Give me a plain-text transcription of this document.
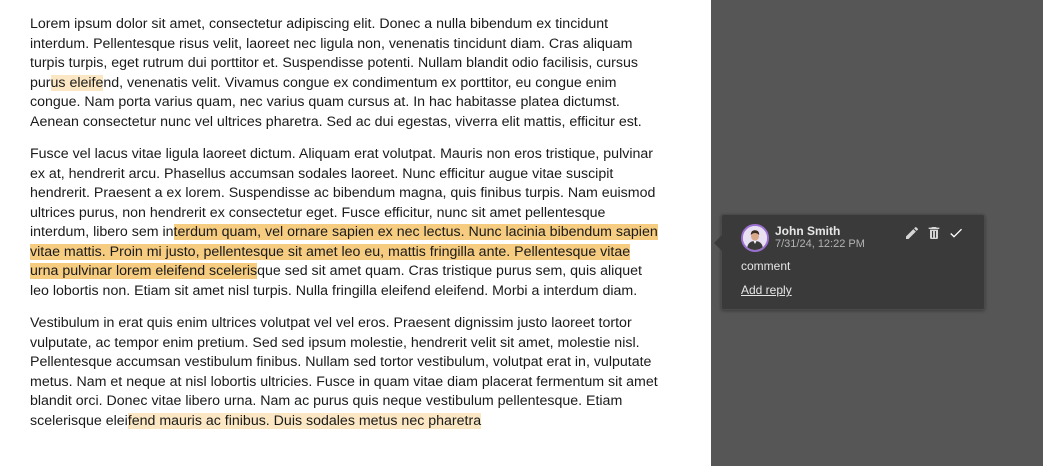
Lorem ipsum dolor sit amet, consectetur adipiscing elit. Donec a nulla bibendum ex tincidunt interdum. Pellentesque risus velit, laoreet nec ligula non, venenatis tincidunt diam. Cras aliquam turpis turpis, eget rutrum dui porttitor et. Suspendisse potenti. Nullam blandit odio facilisis, cursus purus eleifend, venenatis velit. Vivamus congue ex condimentum ex porttitor, eu congue enim congue. Nam porta varius quam, nec varius quam cursus at. In hac habitasse platea dictumst. Aenean consectetur nunc vel ultrices pharetra. Sed ac dui egestas, viverra elit mattis, efficitur est.

Fusce vel lacus vitae ligula laoreet dictum. Aliquam erat volutpat. Mauris non eros tristique, pulvinar ex at, hendrerit arcu. Phasellus accumsan sodales laoreet. Nunc efficitur augue vitae suscipit hendrerit. Praesent a ex lorem. Suspendisse ac bibendum magna, quis finibus turpis. Nam euismod ultrices purus, non hendrerit ex consectetur eget. Fusce efficitur, nunc sit amet pellentesque interdum, libero sem interdum quam, vel ornare sapien ex nec lectus. Nunc lacinia bibendum sapien vitae mattis. Proin mi justo, pellentesque sit amet leo eu, mattis fringilla ante. Pellentesque vitae urna pulvinar lorem eleifend scelerisque sed sit amet quam. Cras tristique purus sem, quis aliquet leo lobortis non. Etiam sit amet nisl turpis. Nulla fringilla eleifend eleifend. Morbi a interdum diam.

Vestibulum in erat quis enim ultrices volutpat vel vel eros. Praesent dignissim justo laoreet tortor vulputate, ac tempor enim pretium. Sed sed ipsum molestie, hendrerit velit sit amet, molestie nisl. Pellentesque accumsan vestibulum finibus. Nullam sed tortor vestibulum, volutpat erat in, vulputate metus. Nam et neque at nisl lobortis ultricies. Fusce in quam vitae diam placerat fermentum sit amet blandit orci. Donec vitae libero urna. Nam ac purus quis neque vestibulum pellentesque. Etiam scelerisque eleifend mauris ac finibus. Duis sodales metus nec pharetra

John Smith
7/31/24, 12:22 PM
comment
Add reply
